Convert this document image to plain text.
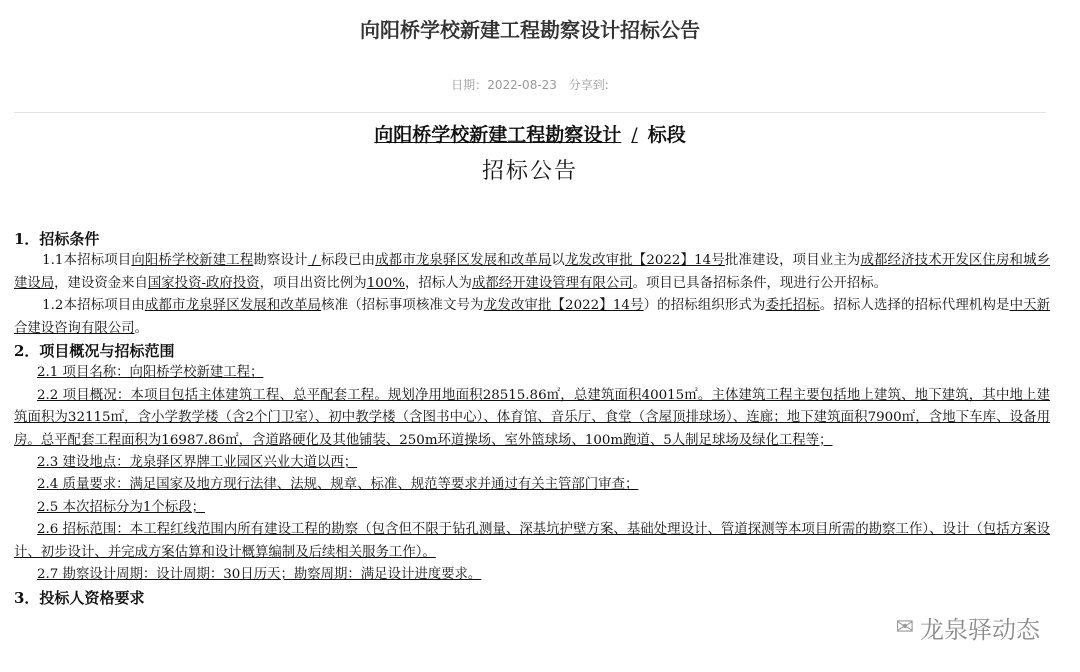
向阳桥学校新建工程勘察设计招标公告
日期：2022-08-23 分享到:
向阳桥学校新建工程勘察设计 / 标段
招标公告

1．招标条件

1.1本招标项目向阳桥学校新建工程勘察设计 / 标段已由成都市龙泉驿区发展和改革局以龙发改审批【2022】14号批准建设，项目业主为成都经济技术开发区住房和城乡建设局，建设资金来自国家投资-政府投资，项目出资比例为100%，招标人为成都经开建设管理有限公司。项目已具备招标条件，现进行公开招标。

1.2本招标项目由成都市龙泉驿区发展和改革局核准（招标事项核准文号为龙发改审批【2022】14号）的招标组织形式为委托招标。招标人选择的招标代理机构是中天新合建设咨询有限公司。

2．项目概况与招标范围

2.1 项目名称：向阳桥学校新建工程；

2.2 项目概况：本项目包括主体建筑工程、总平配套工程。规划净用地面积28515.86㎡，总建筑面积40015㎡。主体建筑工程主要包括地上建筑、地下建筑，其中地上建筑面积为32115㎡，含小学教学楼（含2个门卫室）、初中教学楼（含图书中心）、体育馆、音乐厅、食堂（含屋顶排球场）、连廊；地下建筑面积7900㎡，含地下车库、设备用房。总平配套工程面积为16987.86㎡，含道路硬化及其他铺装、250m环道操场、室外篮球场、100m跑道、5人制足球场及绿化工程等；

2.3 建设地点：龙泉驿区界牌工业园区兴业大道以西；

2.4 质量要求：满足国家及地方现行法律、法规、规章、标准、规范等要求并通过有关主管部门审查；

2.5 本次招标分为1个标段；

2.6 招标范围：本工程红线范围内所有建设工程的勘察（包含但不限于钻孔测量、深基坑护壁方案、基础处理设计、管道探测等本项目所需的勘察工作）、设计（包括方案设计、初步设计、并完成方案估算和设计概算编制及后续相关服务工作）。

2.7 勘察设计周期：设计周期：30日历天；勘察周期：满足设计进度要求。

3．投标人资格要求

✉ 龙泉驿动态
